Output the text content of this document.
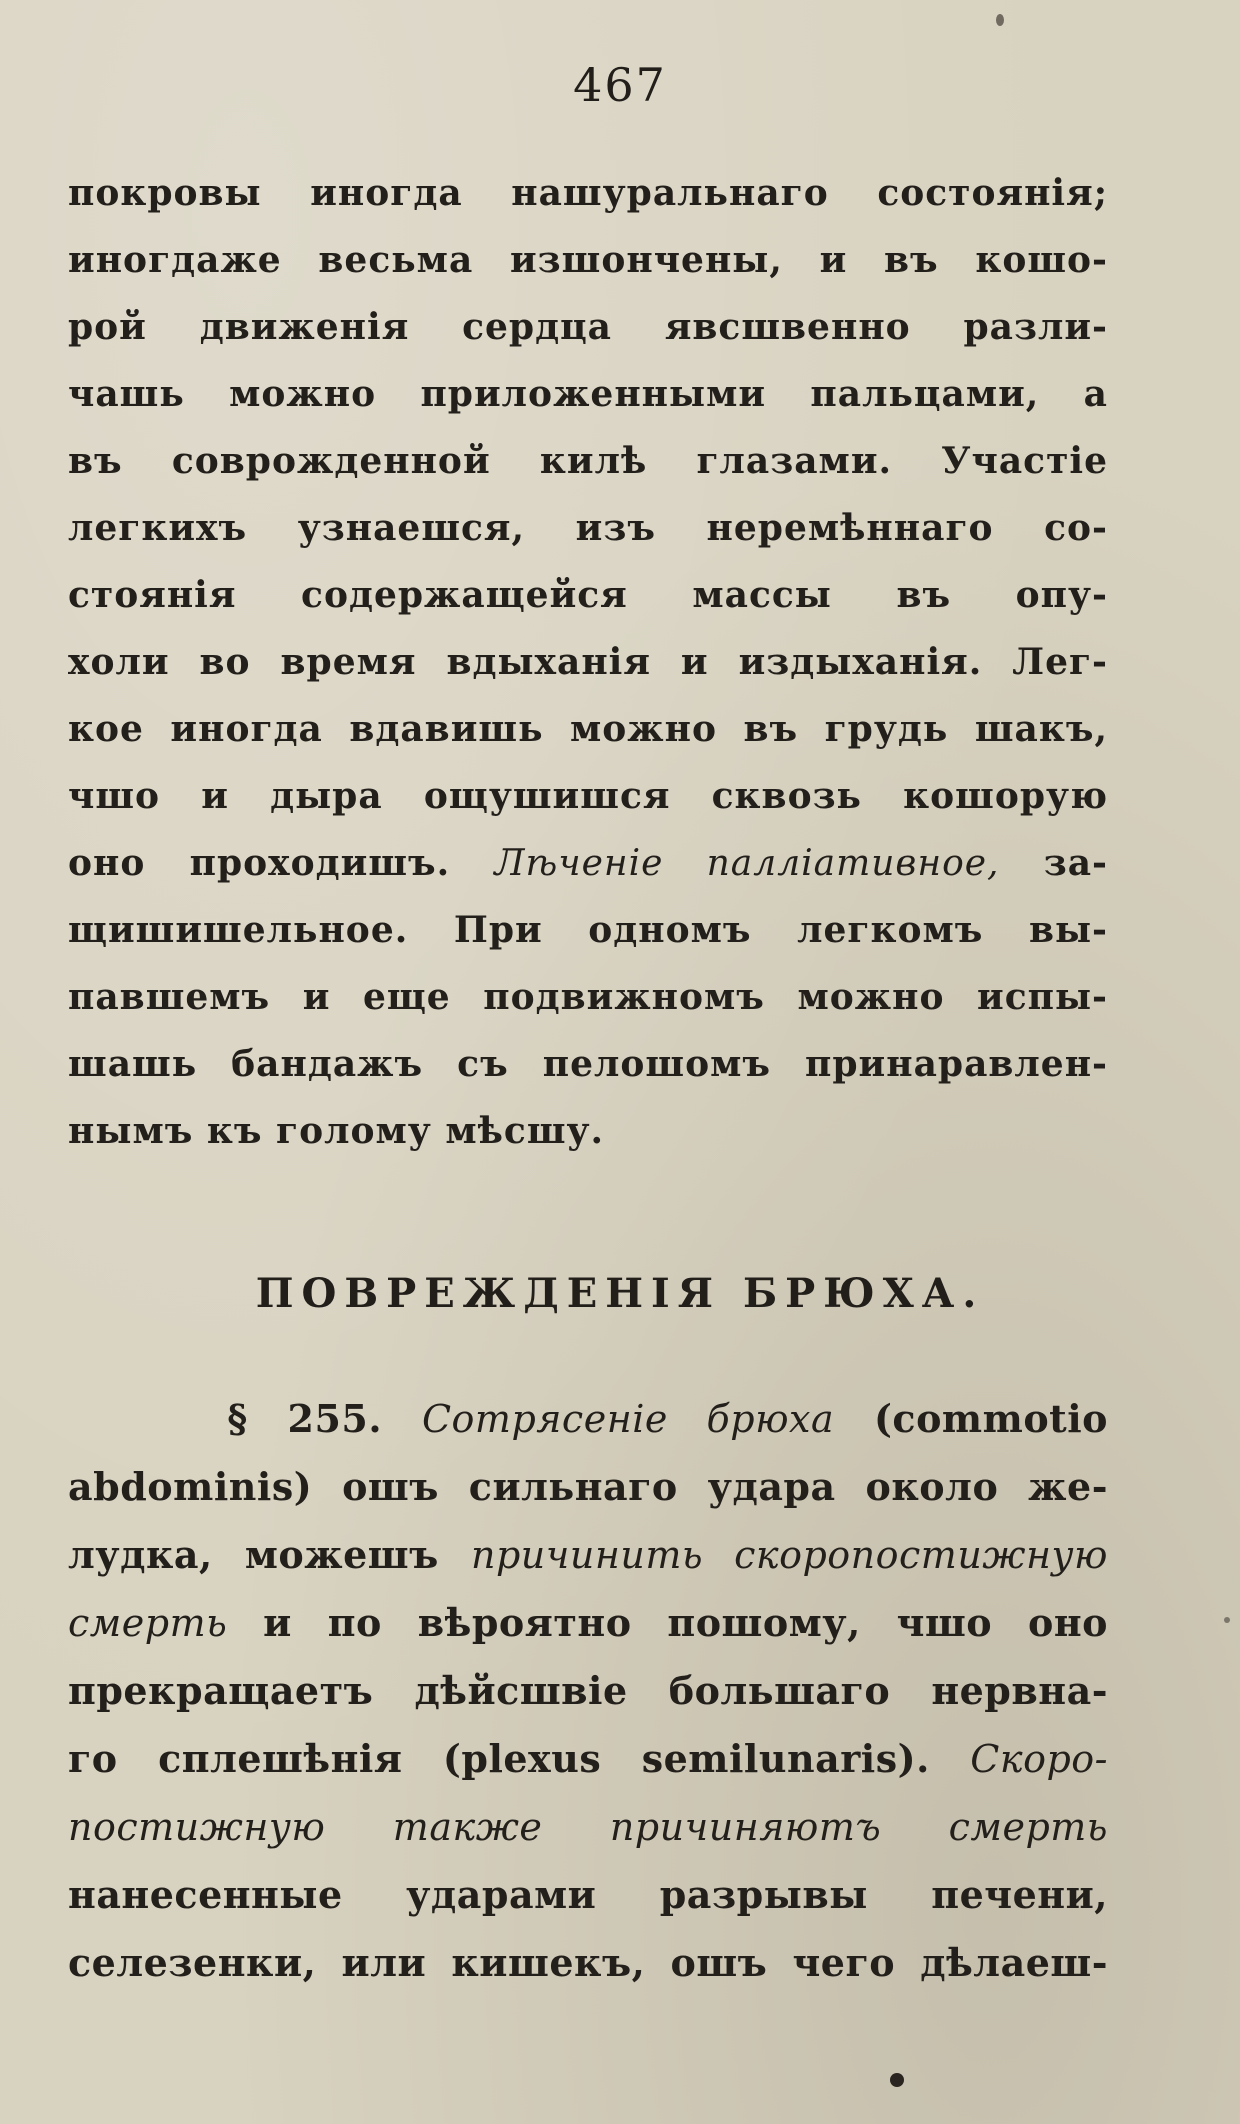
467
покровы иногда нашуральнаго состоянія;
иногдаже весьма изшончены, и въ кошо-
рой движенія сердца явсшвенно разли-
чашь можно приложенными пальцами, а
въ соврожденной килѣ глазами. Участіе
легкихъ узнаешся, изъ неремѣннаго со-
стоянія содержащейся массы въ опу-
холи во время вдыханія и издыханія. Лег-
кое иногда вдавишь можно въ грудь шакъ,
чшо и дыра ощушишся сквозь кошорую
оно проходишъ. Лѣченіе паллiативное, за-
щишишельное. При одномъ легкомъ вы-
павшемъ и еще подвижномъ можно испы-
шашь бандажъ съ пелошомъ принаравлен-
нымъ къ голому мѣсшу.
ПОВРЕЖДЕНІЯ БРЮХА.
§ 255. Сотрясеніе брюха (commotio
abdominis) ошъ сильнаго удара около же-
лудка, можешъ причинить скоропостижную
смерть и по вѣроятно пошому, чшо оно
прекращаетъ дѣйсшвіе большаго нервна-
го сплешѣнія (plexus semilunaris). Скоро-
постижную также причиняютъ смерть
нанесенные ударами разрывы печени,
селезенки, или кишекъ, ошъ чего дѣлаеш-
